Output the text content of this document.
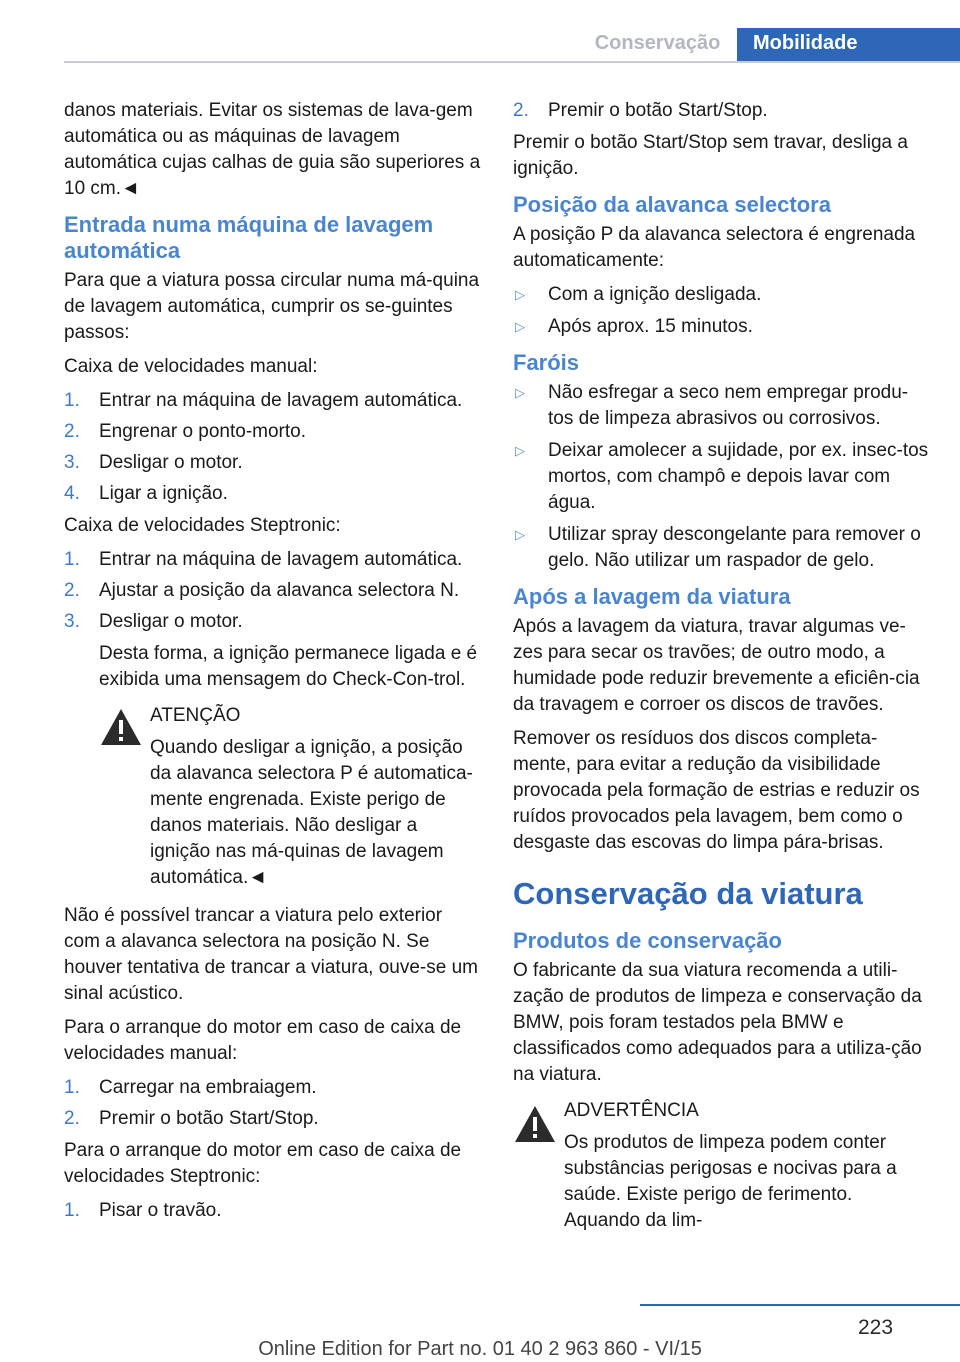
Conservação	Mobilidade

danos materiais. Evitar os sistemas de lava-gem automática ou as máquinas de lavagem automática cujas calhas de guia são superiores a 10 cm.◄

Entrada numa máquina de lavagem automática

Para que a viatura possa circular numa má-quina de lavagem automática, cumprir os se-guintes passos:

Caixa de velocidades manual:

1. Entrar na máquina de lavagem automática.
2. Engrenar o ponto-morto.
3. Desligar o motor.
4. Ligar a ignição.

Caixa de velocidades Steptronic:

1. Entrar na máquina de lavagem automática.
2. Ajustar a posição da alavanca selectora N.
3. Desligar o motor.

Desta forma, a ignição permanece ligada e é exibida uma mensagem do Check-Con-trol.

ATENÇÃO
Quando desligar a ignição, a posição da alavanca selectora P é automatica-mente engrenada. Existe perigo de danos materiais. Não desligar a ignição nas má-quinas de lavagem automática.◄

Não é possível trancar a viatura pelo exterior com a alavanca selectora na posição N. Se houver tentativa de trancar a viatura, ouve-se um sinal acústico.

Para o arranque do motor em caso de caixa de velocidades manual:

1. Carregar na embraiagem.
2. Premir o botão Start/Stop.

Para o arranque do motor em caso de caixa de velocidades Steptronic:

1. Pisar o travão.
2. Premir o botão Start/Stop.

Premir o botão Start/Stop sem travar, desliga a ignição.

Posição da alavanca selectora

A posição P da alavanca selectora é engrenada automaticamente:

▷ Com a ignição desligada.
▷ Após aprox. 15 minutos.
Faróis
▷ Não esfregar a seco nem empregar produ-tos de limpeza abrasivos ou corrosivos.
▷ Deixar amolecer a sujidade, por ex. insec-tos mortos, com champô e depois lavar com água.
▷ Utilizar spray descongelante para remover o gelo. Não utilizar um raspador de gelo.
Após a lavagem da viatura

Após a lavagem da viatura, travar algumas ve-zes para secar os travões; de outro modo, a humidade pode reduzir brevemente a eficiên-cia da travagem e corroer os discos de travões.

Remover os resíduos dos discos completa-mente, para evitar a redução da visibilidade provocada pela formação de estrias e reduzir os ruídos provocados pela lavagem, bem como o desgaste das escovas do limpa pára-brisas.

Conservação da viatura
Produtos de conservação

O fabricante da sua viatura recomenda a utili-zação de produtos de limpeza e conservação da BMW, pois foram testados pela BMW e classificados como adequados para a utiliza-ção na viatura.

ADVERTÊNCIA
Os produtos de limpeza podem conter substâncias perigosas e nocivas para a saúde. Existe perigo de ferimento. Aquando da lim-
223
Online Edition for Part no. 01 40 2 963 860 - VI/15
